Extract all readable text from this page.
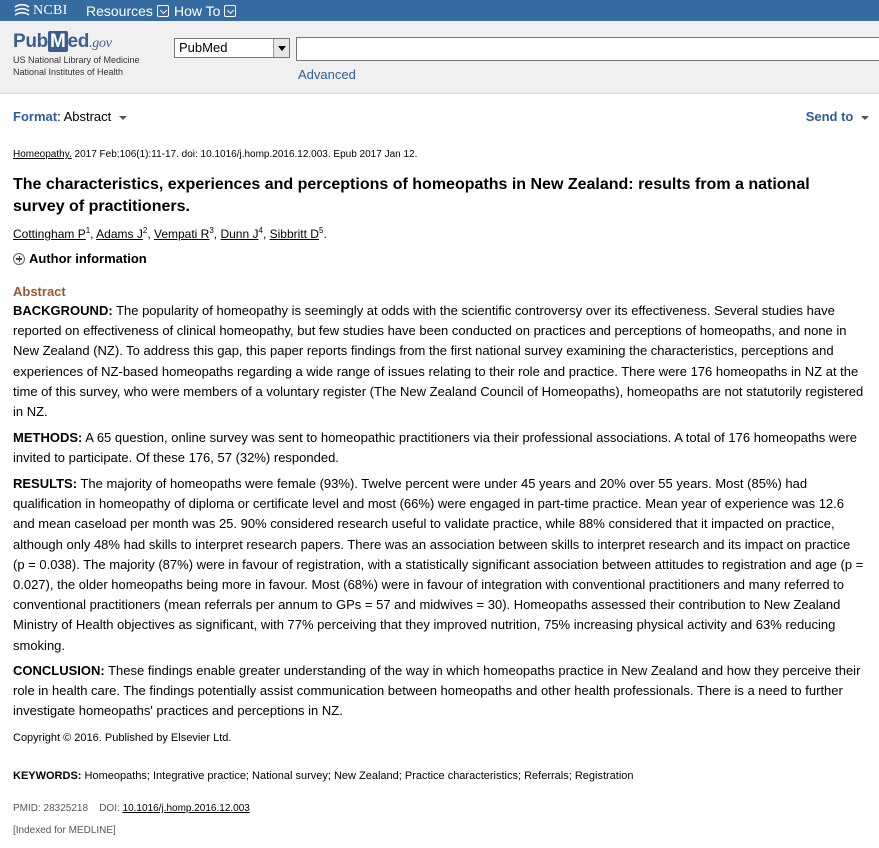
NCBI Resources How To
Pub M ed.gov
US National Library of Medicine
National Institutes of Health
PubMed
Advanced
Format: Abstract	Send to
Homeopathy. 2017 Feb;106(1):11-17. doi: 10.1016/j.homp.2016.12.003. Epub 2017 Jan 12.
The characteristics, experiences and perceptions of homeopaths in New Zealand: results from a national survey of practitioners.
Cottingham $P^1$, Adams $J^2$, Vempati $R^3$, Dunn $J^4$, Sibbritt $D^5$.
Author information
Abstract
BACKGROUND: The popularity of homeopathy is seemingly at odds with the scientific controversy over its effectiveness. Several studies have reported on effectiveness of clinical homeopathy, but few studies have been conducted on practices and perceptions of homeopaths, and none in New Zealand (NZ). To address this gap, this paper reports findings from the first national survey examining the characteristics, perceptions and experiences of NZ-based homeopaths regarding a wide range of issues relating to their role and practice. There were 176 homeopaths in NZ at the time of this survey, who were members of a voluntary register (The New Zealand Council of Homeopaths), homeopaths are not statutorily registered in NZ.
METHODS: A 65 question, online survey was sent to homeopathic practitioners via their professional associations. A total of 176 homeopaths were invited to participate. Of these 176, 57 (32%) responded.
RESULTS: The majority of homeopaths were female (93%). Twelve percent were under 45 years and 20% over 55 years. Most (85%) had qualification in homeopathy of diploma or certificate level and most (66%) were engaged in part-time practice. Mean year of experience was 12.6 and mean caseload per month was 25. 90% considered research useful to validate practice, while 88% considered that it impacted on practice, although only 48% had skills to interpret research papers. There was an association between skills to interpret research and its impact on practice (p = 0.038). The majority (87%) were in favour of registration, with a statistically significant association between attitudes to registration and age (p = 0.027), the older homeopaths being more in favour. Most (68%) were in favour of integration with conventional practitioners and many referred to conventional practitioners (mean referrals per annum to GPs = 57 and midwives = 30). Homeopaths assessed their contribution to New Zealand Ministry of Health objectives as significant, with 77% perceiving that they improved nutrition, 75% increasing physical activity and 63% reducing smoking.
CONCLUSION: These findings enable greater understanding of the way in which homeopaths practice in New Zealand and how they perceive their role in health care. The findings potentially assist communication between homeopaths and other health professionals. There is a need to further investigate homeopaths' practices and perceptions in NZ.
Copyright © 2016. Published by Elsevier Ltd.
KEYWORDS: Homeopaths; Integrative practice; National survey; New Zealand; Practice characteristics; Referrals; Registration
PMID: 28325218 DOI: 10.1016/j.homp.2016.12.003
[Indexed for MEDLINE]
